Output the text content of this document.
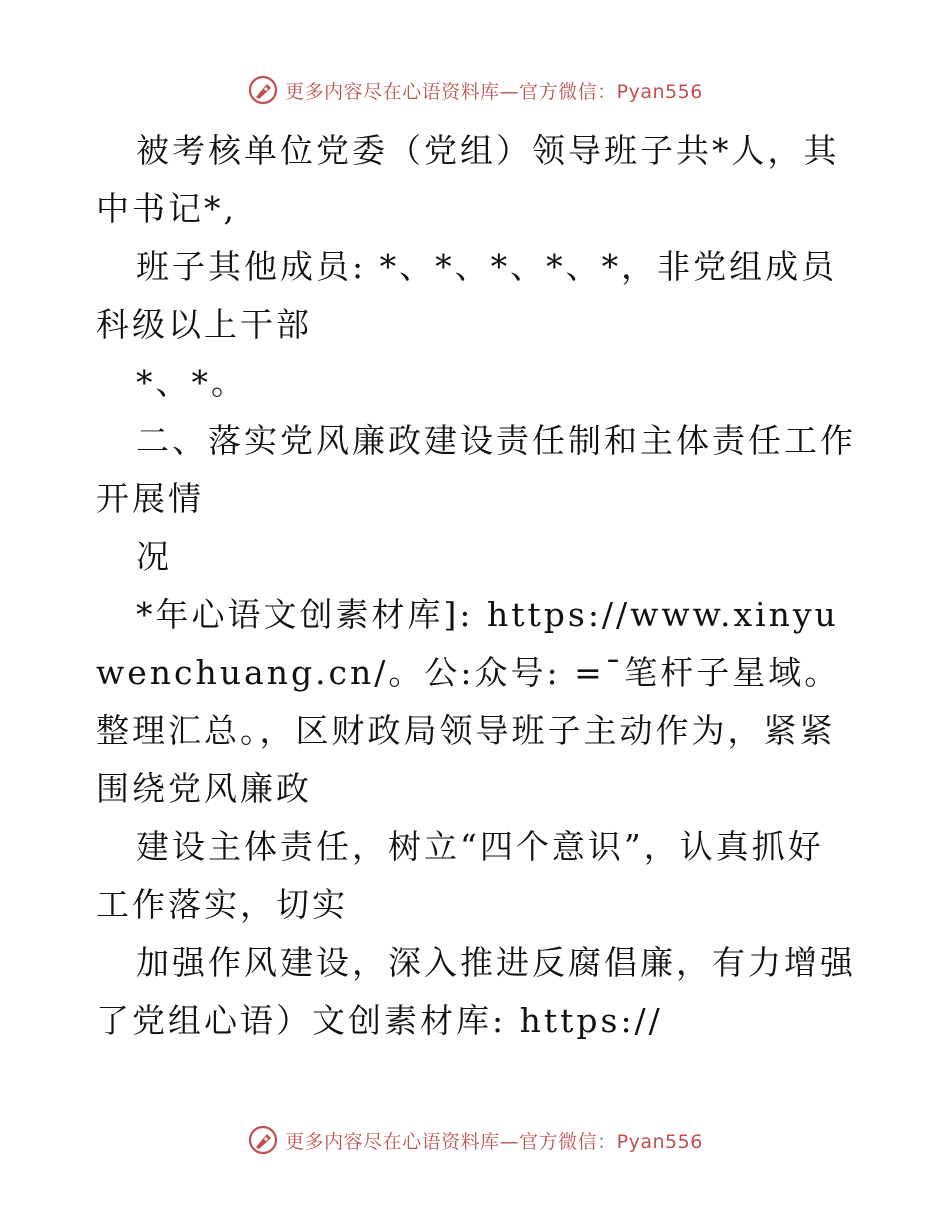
更多内容尽在心语资料库—官方微信：Pyan556

被考核单位党委（党组）领导班子共*人，其中书记*,

班子其他成员: *、*、*、*、*，非党组成员科级以上干部

*、*。

二、落实党风廉政建设责任制和主体责任工作开展情

况

*年心语文创素材库]: https://www.xinyuwenchuang.cn/。公:众号: =¯笔杆子星域。整理汇总。，区财政局领导班子主动作为，紧紧围绕党风廉政

建设主体责任，树立“四个意识”，认真抓好工作落实，切实

加强作风建设，深入推进反腐倡廉，有力增强了党组心语）文创素材库: https://

更多内容尽在心语资料库—官方微信：Pyan556
